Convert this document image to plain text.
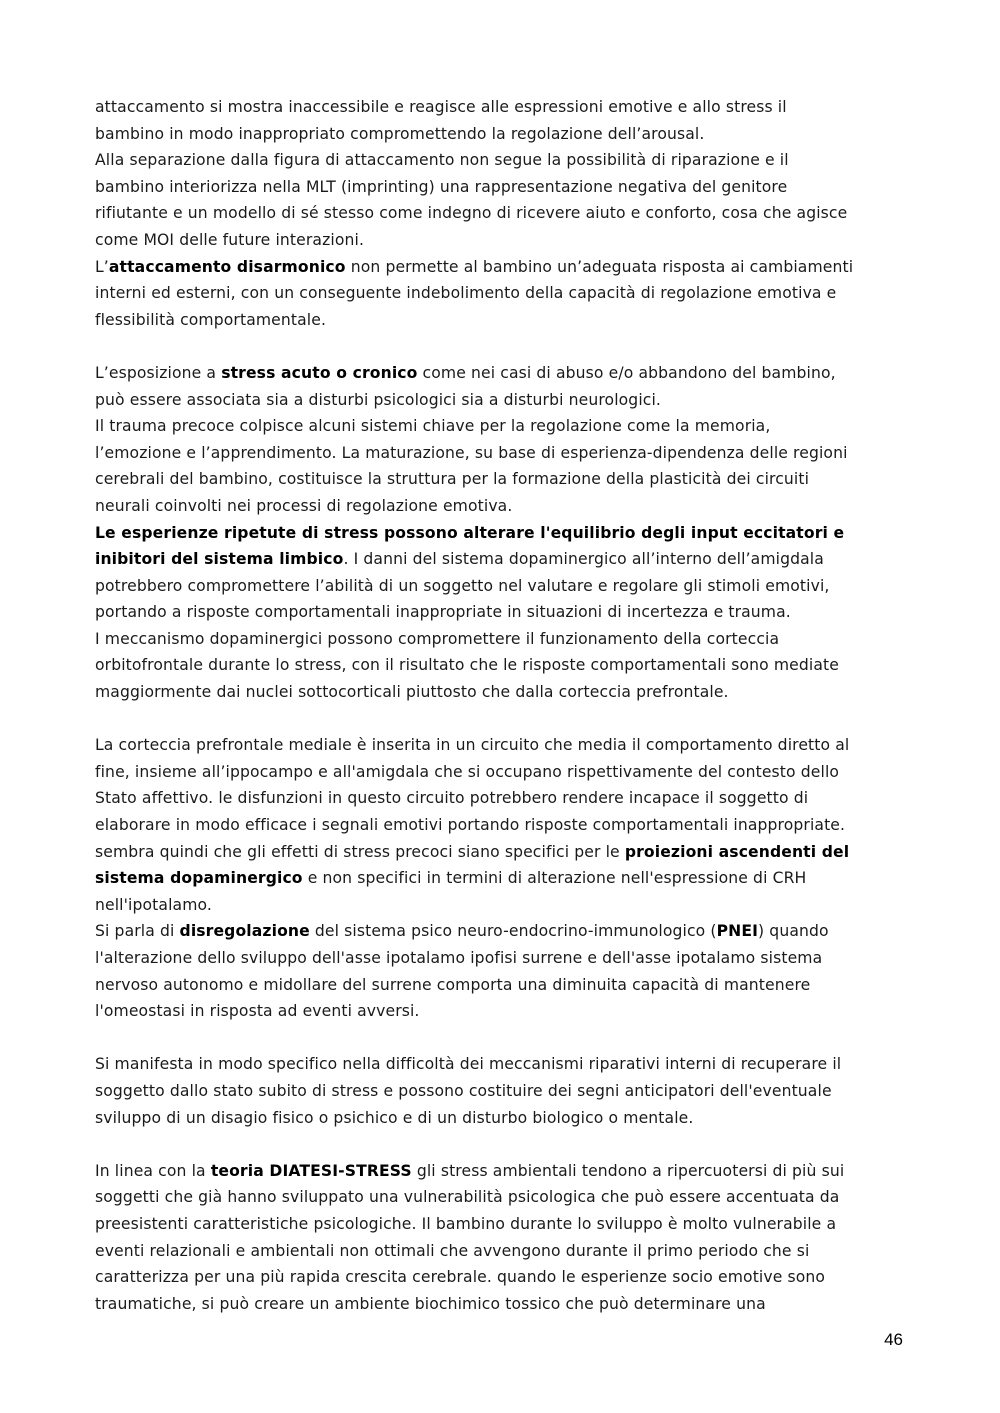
attaccamento si mostra inaccessibile e reagisce alle espressioni emotive e allo stress il
bambino in modo inappropriato compromettendo la regolazione dell’arousal.
Alla separazione dalla figura di attaccamento non segue la possibilità di riparazione e il
bambino interiorizza nella MLT (imprinting) una rappresentazione negativa del genitore
rifiutante e un modello di sé stesso come indegno di ricevere aiuto e conforto, cosa che agisce
come MOI delle future interazioni.
L’attaccamento disarmonico non permette al bambino un’adeguata risposta ai cambiamenti
interni ed esterni, con un conseguente indebolimento della capacità di regolazione emotiva e
flessibilità comportamentale.
L’esposizione a stress acuto o cronico come nei casi di abuso e/o abbandono del bambino,
può essere associata sia a disturbi psicologici sia a disturbi neurologici.
Il trauma precoce colpisce alcuni sistemi chiave per la regolazione come la memoria,
l’emozione e l’apprendimento. La maturazione, su base di esperienza-dipendenza delle regioni
cerebrali del bambino, costituisce la struttura per la formazione della plasticità dei circuiti
neurali coinvolti nei processi di regolazione emotiva.
Le esperienze ripetute di stress possono alterare l'equilibrio degli input eccitatori e
inibitori del sistema limbico. I danni del sistema dopaminergico all’interno dell’amigdala
potrebbero compromettere l’abilità di un soggetto nel valutare e regolare gli stimoli emotivi,
portando a risposte comportamentali inappropriate in situazioni di incertezza e trauma.
I meccanismo dopaminergici possono compromettere il funzionamento della corteccia
orbitofrontale durante lo stress, con il risultato che le risposte comportamentali sono mediate
maggiormente dai nuclei sottocorticali piuttosto che dalla corteccia prefrontale.
La corteccia prefrontale mediale è inserita in un circuito che media il comportamento diretto al
fine, insieme all’ippocampo e all'amigdala che si occupano rispettivamente del contesto dello
Stato affettivo. le disfunzioni in questo circuito potrebbero rendere incapace il soggetto di
elaborare in modo efficace i segnali emotivi portando risposte comportamentali inappropriate.
sembra quindi che gli effetti di stress precoci siano specifici per le proiezioni ascendenti del
sistema dopaminergico e non specifici in termini di alterazione nell'espressione di CRH
nell'ipotalamo.
Si parla di disregolazione del sistema psico neuro-endocrino-immunologico (PNEI) quando
l'alterazione dello sviluppo dell'asse ipotalamo ipofisi surrene e dell'asse ipotalamo sistema
nervoso autonomo e midollare del surrene comporta una diminuita capacità di mantenere
l'omeostasi in risposta ad eventi avversi.
Si manifesta in modo specifico nella difficoltà dei meccanismi riparativi interni di recuperare il
soggetto dallo stato subito di stress e possono costituire dei segni anticipatori dell'eventuale
sviluppo di un disagio fisico o psichico e di un disturbo biologico o mentale.
In linea con la teoria DIATESI-STRESS gli stress ambientali tendono a ripercuotersi di più sui
soggetti che già hanno sviluppato una vulnerabilità psicologica che può essere accentuata da
preesistenti caratteristiche psicologiche. Il bambino durante lo sviluppo è molto vulnerabile a
eventi relazionali e ambientali non ottimali che avvengono durante il primo periodo che si
caratterizza per una più rapida crescita cerebrale. quando le esperienze socio emotive sono
traumatiche, si può creare un ambiente biochimico tossico che può determinare una
46
